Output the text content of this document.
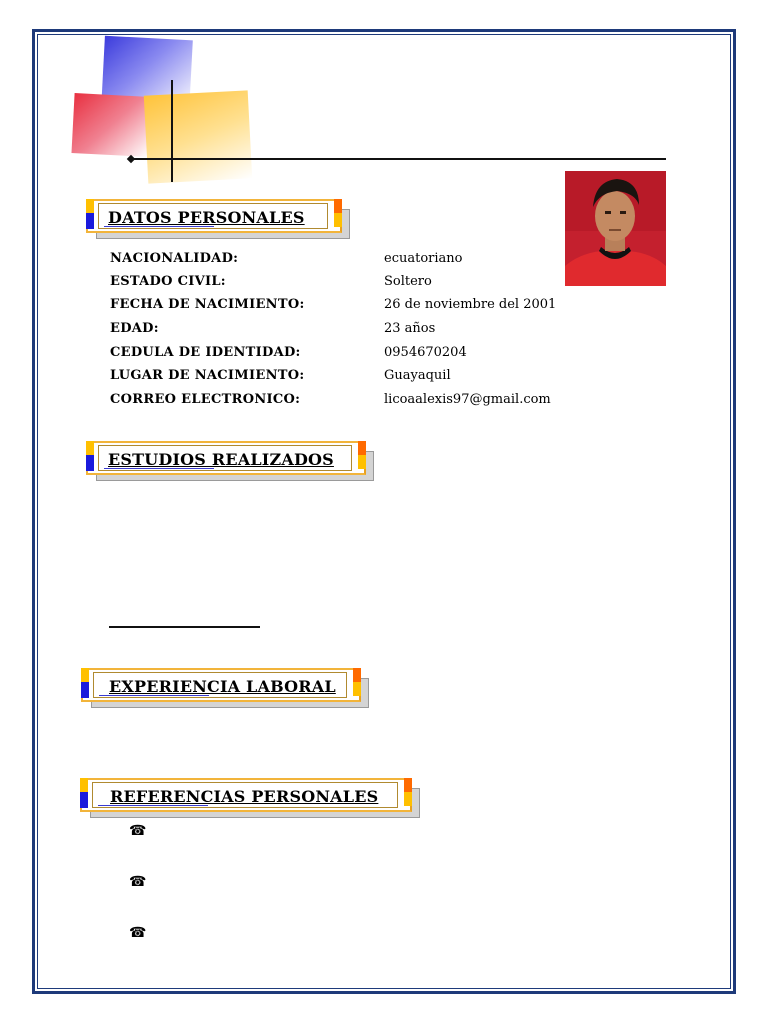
DATOS PERSONALES
NACIONALIDAD:	ecuatoriano
ESTADO CIVIL:	Soltero
FECHA DE NACIMIENTO:	26 de noviembre del 2001
EDAD:	23 años
CEDULA DE IDENTIDAD:	0954670204
LUGAR DE NACIMIENTO:	Guayaquil
CORREO ELECTRONICO:	licoaalexis97@gmail.com
ESTUDIOS REALIZADOS
EXPERIENCIA LABORAL
REFERENCIAS PERSONALES
☎
☎
☎
